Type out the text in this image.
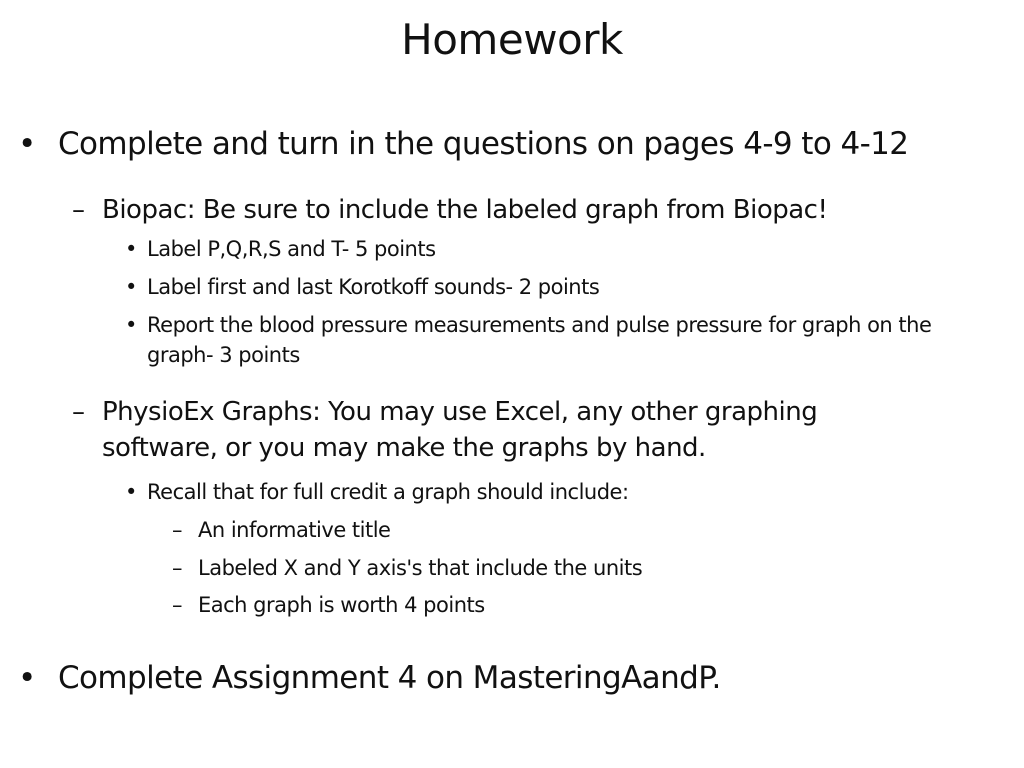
Homework
• Complete and turn in the questions on pages 4-9 to 4-12
– Biopac: Be sure to include the labeled graph from Biopac!
• Label P,Q,R,S and T- 5 points
• Label first and last Korotkoff sounds- 2 points
• Report the blood pressure measurements and pulse pressure for graph on the graph- 3 points
– PhysioEx Graphs: You may use Excel, any other graphing software, or you may make the graphs by hand.
• Recall that for full credit a graph should include:
– An informative title
– Labeled X and Y axis's that include the units
– Each graph is worth 4 points
• Complete Assignment 4 on MasteringAandP.
